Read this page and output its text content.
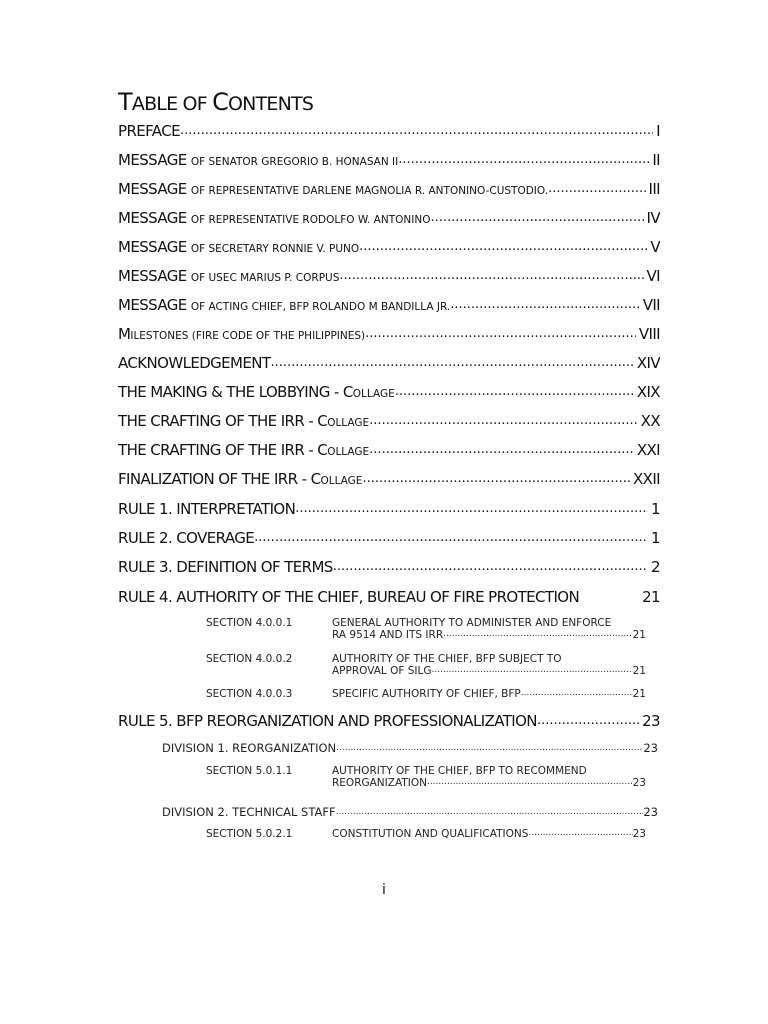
TABLE OF CONTENTS
PREFACE .....	I
MESSAGE OF SENATOR GREGORIO B. HONASAN II .....	II
MESSAGE OF REPRESENTATIVE DARLENE MAGNOLIA R. ANTONINO-CUSTODIO. .....	III
MESSAGE OF REPRESENTATIVE RODOLFO W. ANTONINO .....	IV
MESSAGE OF SECRETARY RONNIE V. PUNO .....	V
MESSAGE OF USEC MARIUS P. CORPUS .....	VI
MESSAGE OF ACTING CHIEF, BFP ROLANDO M BANDILLA JR. .....	VII
MILESTONES (FIRE CODE OF THE PHILIPPINES) .....	VIII
ACKNOWLEDGEMENT .....	XIV
THE MAKING & THE LOBBYING - COLLAGE .....	XIX
THE CRAFTING OF THE IRR - COLLAGE .....	XX
THE CRAFTING OF THE IRR - COLLAGE .....	XXI
FINALIZATION OF THE IRR - COLLAGE .....	XXII
RULE 1. INTERPRETATION .....	1
RULE 2. COVERAGE .....	1
RULE 3. DEFINITION OF TERMS .....	2
RULE 4. AUTHORITY OF THE CHIEF, BUREAU OF FIRE PROTECTION	21
SECTION 4.0.0.1	GENERAL AUTHORITY TO ADMINISTER AND ENFORCE
RA 9514 AND ITS IRR .....	21
SECTION 4.0.0.2	AUTHORITY OF THE CHIEF, BFP SUBJECT TO
APPROVAL OF SILG .....	21
SECTION 4.0.0.3	SPECIFIC AUTHORITY OF CHIEF, BFP .....	21
RULE 5. BFP REORGANIZATION AND PROFESSIONALIZATION .....	23
DIVISION 1. REORGANIZATION .....	23
SECTION 5.0.1.1	AUTHORITY OF THE CHIEF, BFP TO RECOMMEND
REORGANIZATION .....	23
DIVISION 2. TECHNICAL STAFF .....	23
SECTION 5.0.2.1	CONSTITUTION AND QUALIFICATIONS .....	23
i
